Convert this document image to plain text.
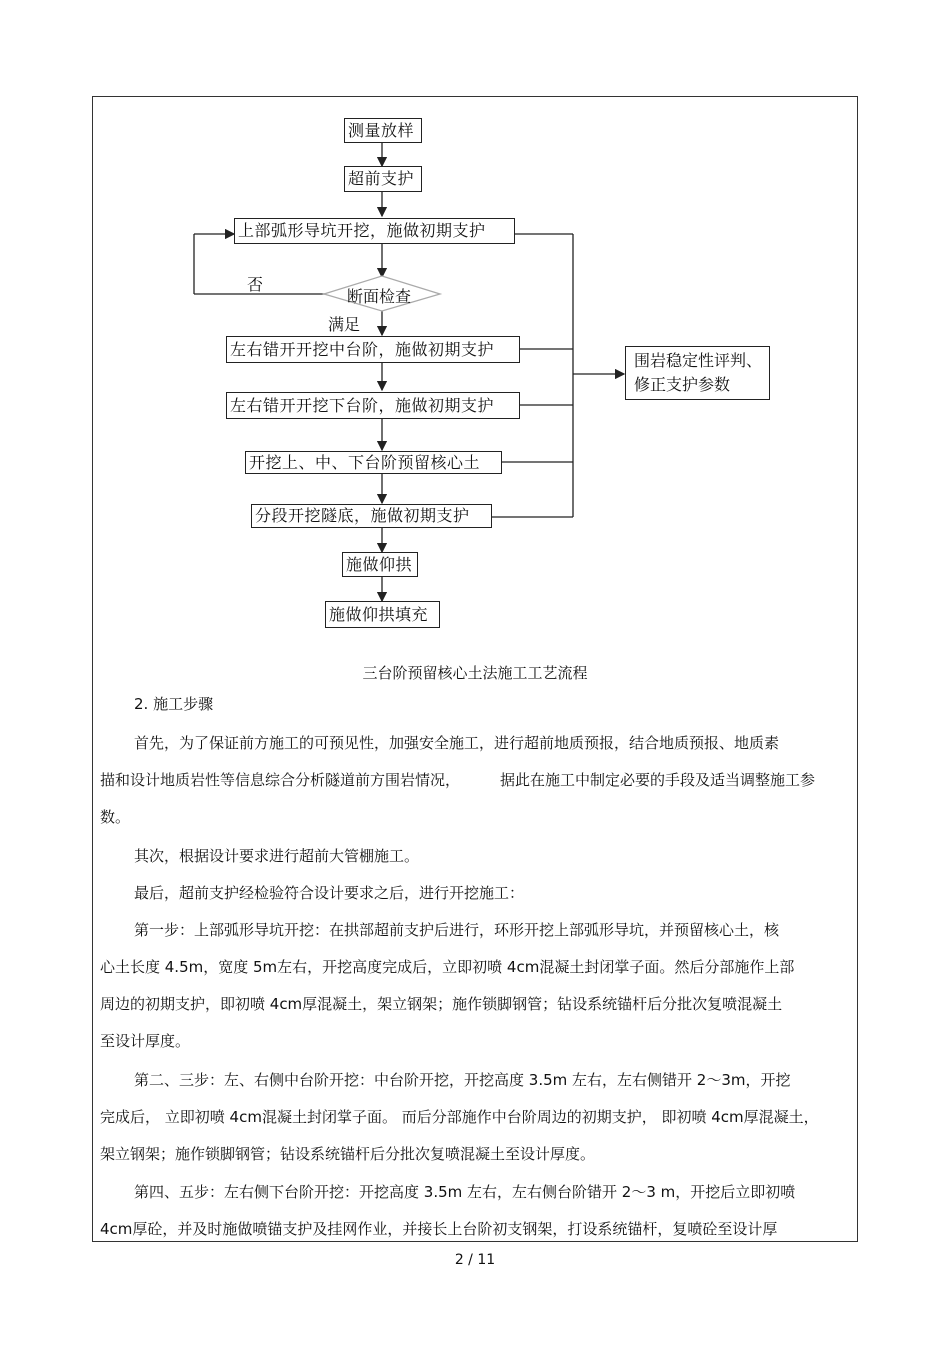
测量放样
超前支护
上部弧形导坑开挖，施做初期支护
断面检查
否
满足
左右错开开挖中台阶，施做初期支护
左右错开开挖下台阶，施做初期支护
开挖上、中、下台阶预留核心土
分段开挖隧底，施做初期支护
施做仰拱
施做仰拱填充
围岩稳定性评判、
修正支护参数
三台阶预留核心土法施工工艺流程
2. 施工步骤
首先，为了保证前方施工的可预见性，加强安全施工，进行超前地质预报，结合地质预报、地质素
描和设计地质岩性等信息综合分析隧道前方围岩情况，	据此在施工中制定必要的手段及适当调整施工参
数。
其次，根据设计要求进行超前大管棚施工。
最后，超前支护经检验符合设计要求之后，进行开挖施工：
第一步：上部弧形导坑开挖：在拱部超前支护后进行，环形开挖上部弧形导坑，并预留核心土，核
心土长度 4.5m，宽度 5m左右，开挖高度完成后，立即初喷 4cm混凝土封闭掌子面。然后分部施作上部
周边的初期支护，即初喷 4cm厚混凝土，架立钢架；施作锁脚钢管；钻设系统锚杆后分批次复喷混凝土
至设计厚度。
第二、三步：左、右侧中台阶开挖：中台阶开挖，开挖高度 3.5m 左右，左右侧错开 2～3m，开挖
完成后， 立即初喷 4cm混凝土封闭掌子面。 而后分部施作中台阶周边的初期支护， 即初喷 4cm厚混凝土，
架立钢架；施作锁脚钢管；钻设系统锚杆后分批次复喷混凝土至设计厚度。
第四、五步：左右侧下台阶开挖：开挖高度 3.5m 左右，左右侧台阶错开 2～3 m，开挖后立即初喷
4cm厚砼，并及时施做喷锚支护及挂网作业，并接长上台阶初支钢架，打设系统锚杆，复喷砼至设计厚
2 / 11
